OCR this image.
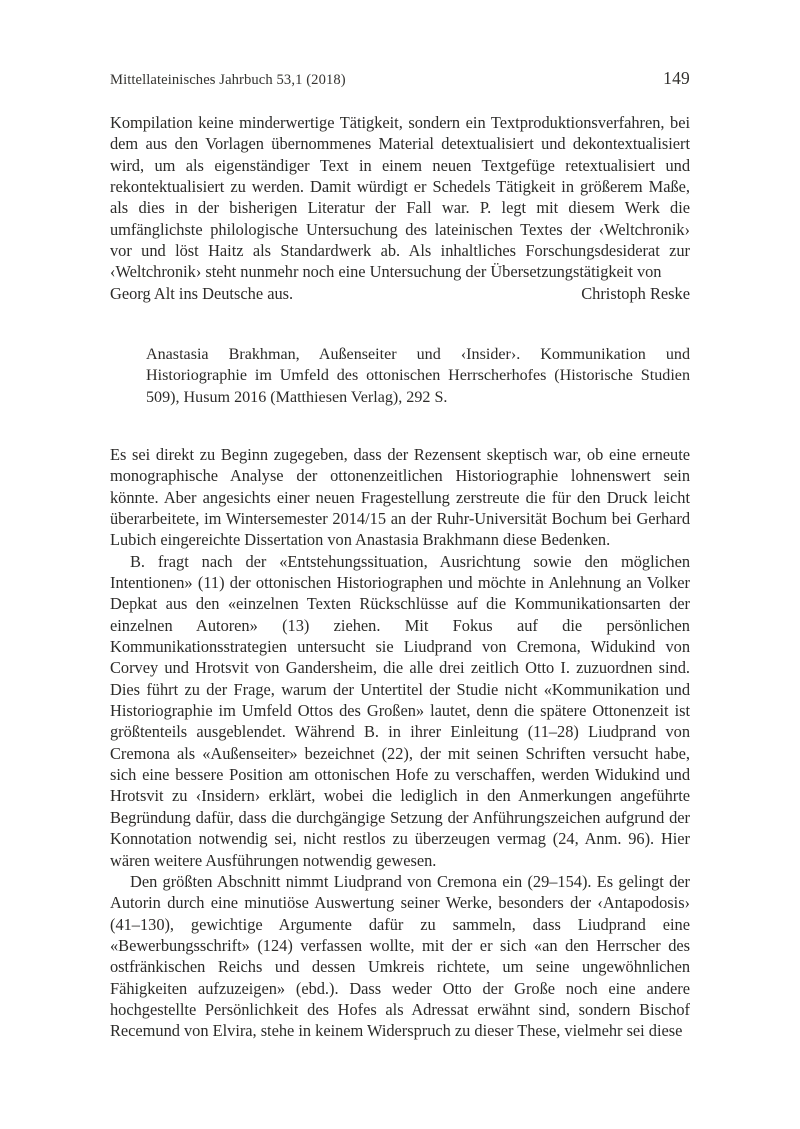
Mittellateinisches Jahrbuch 53,1 (2018)	149

Kompilation keine minderwertige Tätigkeit, sondern ein Textproduktionsverfahren, bei dem aus den Vorlagen übernommenes Material detextualisiert und dekontextualisiert wird, um als eigenständiger Text in einem neuen Textgefüge retextualisiert und rekontektualisiert zu werden. Damit würdigt er Schedels Tätigkeit in größerem Maße, als dies in der bisherigen Literatur der Fall war. P. legt mit diesem Werk die umfänglichste philologische Untersuchung des lateinischen Textes der ‹Weltchronik› vor und löst Haitz als Standardwerk ab. Als inhaltliches Forschungsdesiderat zur ‹Weltchronik› steht nunmehr noch eine Untersuchung der Übersetzungstätigkeit von

Georg Alt ins Deutsche aus.	Christoph Reske

Anastasia Brakhman, Außenseiter und ‹Insider›. Kommunikation und Historiographie im Umfeld des ottonischen Herrscherhofes (Historische Studien 509), Husum 2016 (Matthiesen Verlag), 292 S.

Es sei direkt zu Beginn zugegeben, dass der Rezensent skeptisch war, ob eine erneute monographische Analyse der ottonenzeitlichen Historiographie lohnenswert sein könnte. Aber angesichts einer neuen Fragestellung zerstreute die für den Druck leicht überarbeitete, im Wintersemester 2014/15 an der Ruhr-Universität Bochum bei Gerhard Lubich eingereichte Dissertation von Anastasia Brakhmann diese Bedenken.

B. fragt nach der «Entstehungssituation, Ausrichtung sowie den möglichen Intentionen» (11) der ottonischen Historiographen und möchte in Anlehnung an Volker Depkat aus den «einzelnen Texten Rückschlüsse auf die Kommunikationsarten der einzelnen Autoren» (13) ziehen. Mit Fokus auf die persönlichen Kommunikationsstrategien untersucht sie Liudprand von Cremona, Widukind von Corvey und Hrotsvit von Gandersheim, die alle drei zeitlich Otto I. zuzuordnen sind. Dies führt zu der Frage, warum der Untertitel der Studie nicht «Kommunikation und Historiographie im Umfeld Ottos des Großen» lautet, denn die spätere Ottonenzeit ist größtenteils ausgeblendet. Während B. in ihrer Einleitung (11–28) Liudprand von Cremona als «Außenseiter» bezeichnet (22), der mit seinen Schriften versucht habe, sich eine bessere Position am ottonischen Hofe zu verschaffen, werden Widukind und Hrotsvit zu ‹Insidern› erklärt, wobei die lediglich in den Anmerkungen angeführte Begründung dafür, dass die durchgängige Setzung der Anführungszeichen aufgrund der Konnotation notwendig sei, nicht restlos zu überzeugen vermag (24, Anm. 96). Hier wären weitere Ausführungen notwendig gewesen.

Den größten Abschnitt nimmt Liudprand von Cremona ein (29–154). Es gelingt der Autorin durch eine minutiöse Auswertung seiner Werke, besonders der ‹Antapodosis› (41–130), gewichtige Argumente dafür zu sammeln, dass Liudprand eine «Bewerbungsschrift» (124) verfassen wollte, mit der er sich «an den Herrscher des ostfränkischen Reichs und dessen Umkreis richtete, um seine ungewöhnlichen Fähigkeiten aufzuzeigen» (ebd.). Dass weder Otto der Große noch eine andere hochgestellte Persönlichkeit des Hofes als Adressat erwähnt sind, sondern Bischof Recemund von Elvira, stehe in keinem Widerspruch zu dieser These, vielmehr sei diese
